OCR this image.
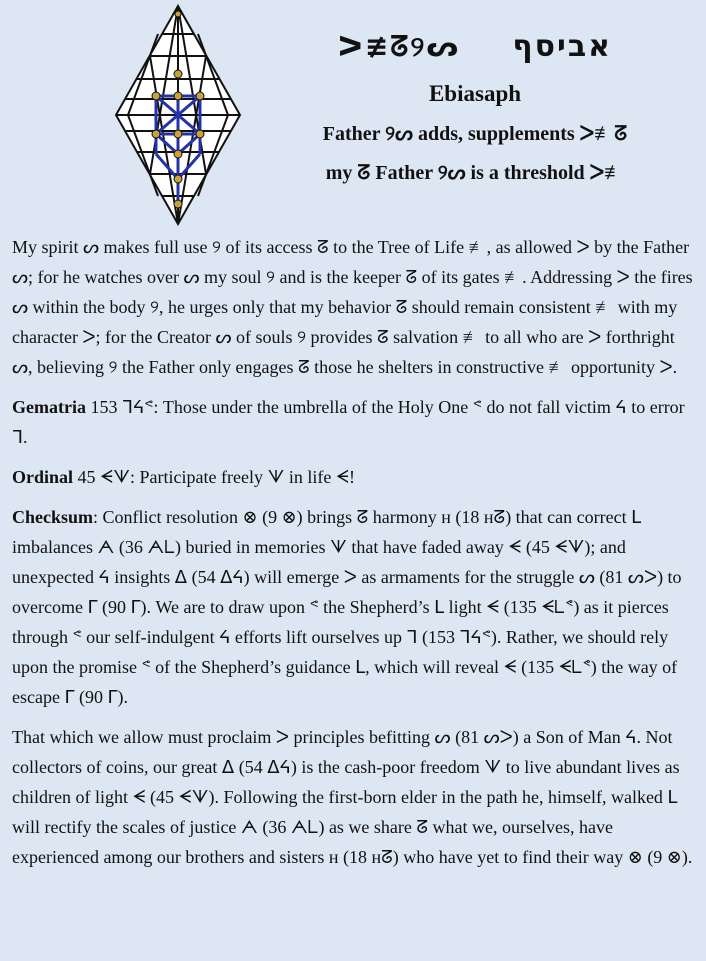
ᐳ≢ᘔ୨ᔕ אביסף
Ebiasaph
Father ୨ᔕ adds, supplements ᐳ≢ᘔ
my ᘔ Father ୨ᔕ is a threshold ᐳ≢

My spirit ᔕ makes full use ୨ of its access ᘔ to the Tree of Life ≢, as allowed ᐳ by the Father ᔕ; for he watches over ᔕ my soul ୨ and is the keeper ᘔ of its gates ≢. Addressing ᐳ the fires ᔕ within the body ୨, he urges only that my behavior ᘔ should remain consistent ≢ with my character ᐳ; for the Creator ᔕ of souls ୨ provides ᘔ salvation ≢ to all who are ᐳ forthright ᔕ, believing ୨ the Father only engages ᘔ those he shelters in constructive ≢ opportunity ᐳ.

Gematria 153 ᒣᔦᕝ: Those under the umbrella of the Holy One ᕝ do not fall victim ᔦ to error ᒣ.

Ordinal 45 ᗕᗐ: Participate freely ᗐ in life ᗕ!

Checksum: Conflict resolution ⊗ (9 ⊗) brings ᘔ harmony ʜ (18 ʜᘔ) that can correct ᒪ imbalances ᗅ (36 ᗅᒪ) buried in memories ᗐ that have faded away ᗕ (45 ᗕᗐ); and unexpected ᔦ insights ᐃ (54 ᐃᔦ) will emerge ᐳ as armaments for the struggle ᔕ (81 ᔕᐳ) to overcome ᒥ (90 ᒥ). We are to draw upon ᕝ the Shepherd’s ᒪ light ᗕ (135 ᗕᒪᕝ) as it pierces through ᕝ our self-indulgent ᔦ efforts lift ourselves up ᒣ (153 ᒣᔦᕝ). Rather, we should rely upon the promise ᕝ of the Shepherd’s guidance ᒪ, which will reveal ᗕ (135 ᗕᒪᕝ) the way of escape ᒥ (90 ᒥ).

That which we allow must proclaim ᐳ principles befitting ᔕ (81 ᔕᐳ) a Son of Man ᔦ. Not collectors of coins, our great ᐃ (54 ᐃᔦ) is the cash-poor freedom ᗐ to live abundant lives as children of light ᗕ (45 ᗕᗐ). Following the first-born elder in the path he, himself, walked ᒪ will rectify the scales of justice ᗅ (36 ᗅᒪ) as we share ᘔ what we, ourselves, have experienced among our brothers and sisters ʜ (18 ʜᘔ) who have yet to find their way ⊗ (9 ⊗).
